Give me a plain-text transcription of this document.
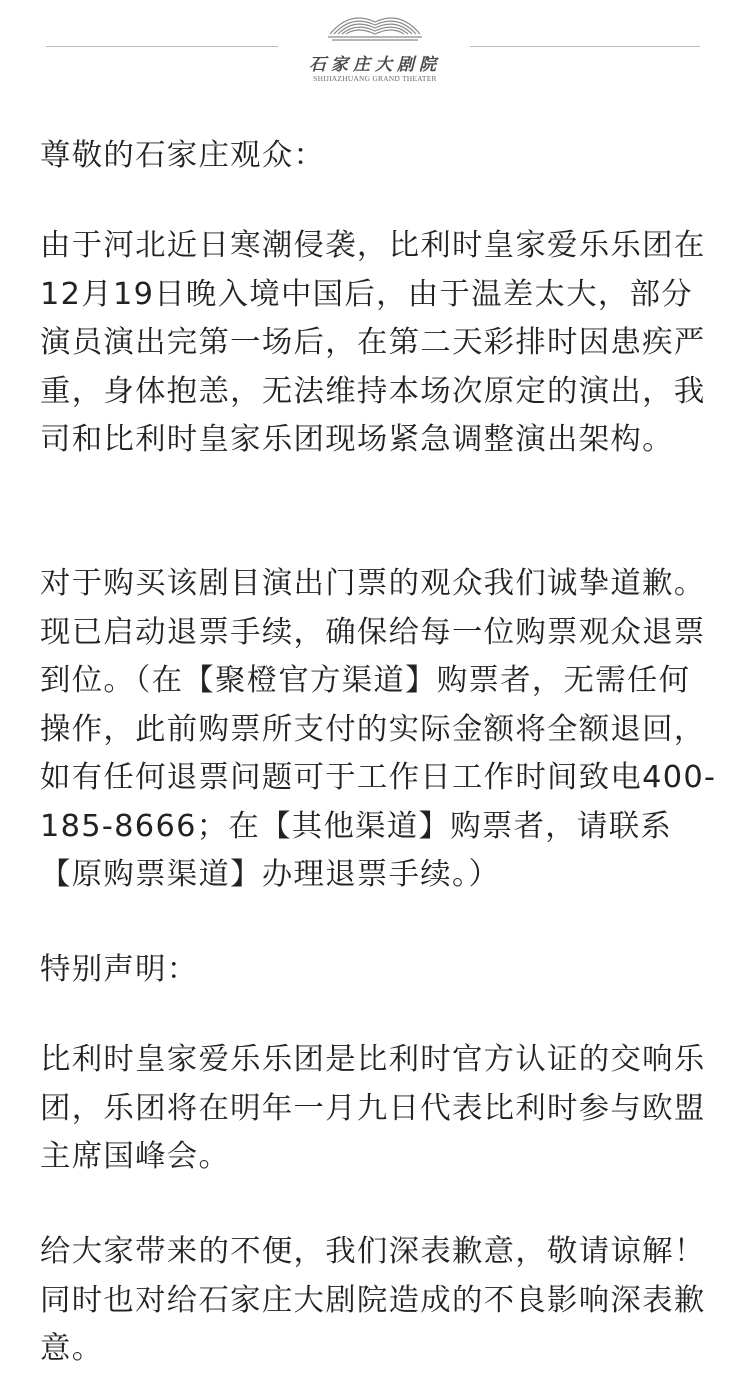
石家庄大剧院
SHIJIAZHUANG GRAND THEATER

尊敬的石家庄观众：

由于河北近日寒潮侵袭，比利时皇家爱乐乐团在12月19日晚入境中国后，由于温差太大，部分演员演出完第一场后，在第二天彩排时因患疾严重，身体抱恙，无法维持本场次原定的演出，我司和比利时皇家乐团现场紧急调整演出架构。

对于购买该剧目演出门票的观众我们诚挚道歉。现已启动退票手续，确保给每一位购票观众退票到位。（在【聚橙官方渠道】购票者，无需任何操作，此前购票所支付的实际金额将全额退回，如有任何退票问题可于工作日工作时间致电400-185-8666；在【其他渠道】购票者，请联系【原购票渠道】办理退票手续。）

特别声明：

比利时皇家爱乐乐团是比利时官方认证的交响乐团，乐团将在明年一月九日代表比利时参与欧盟主席国峰会。

给大家带来的不便，我们深表歉意，敬请谅解！同时也对给石家庄大剧院造成的不良影响深表歉意。
